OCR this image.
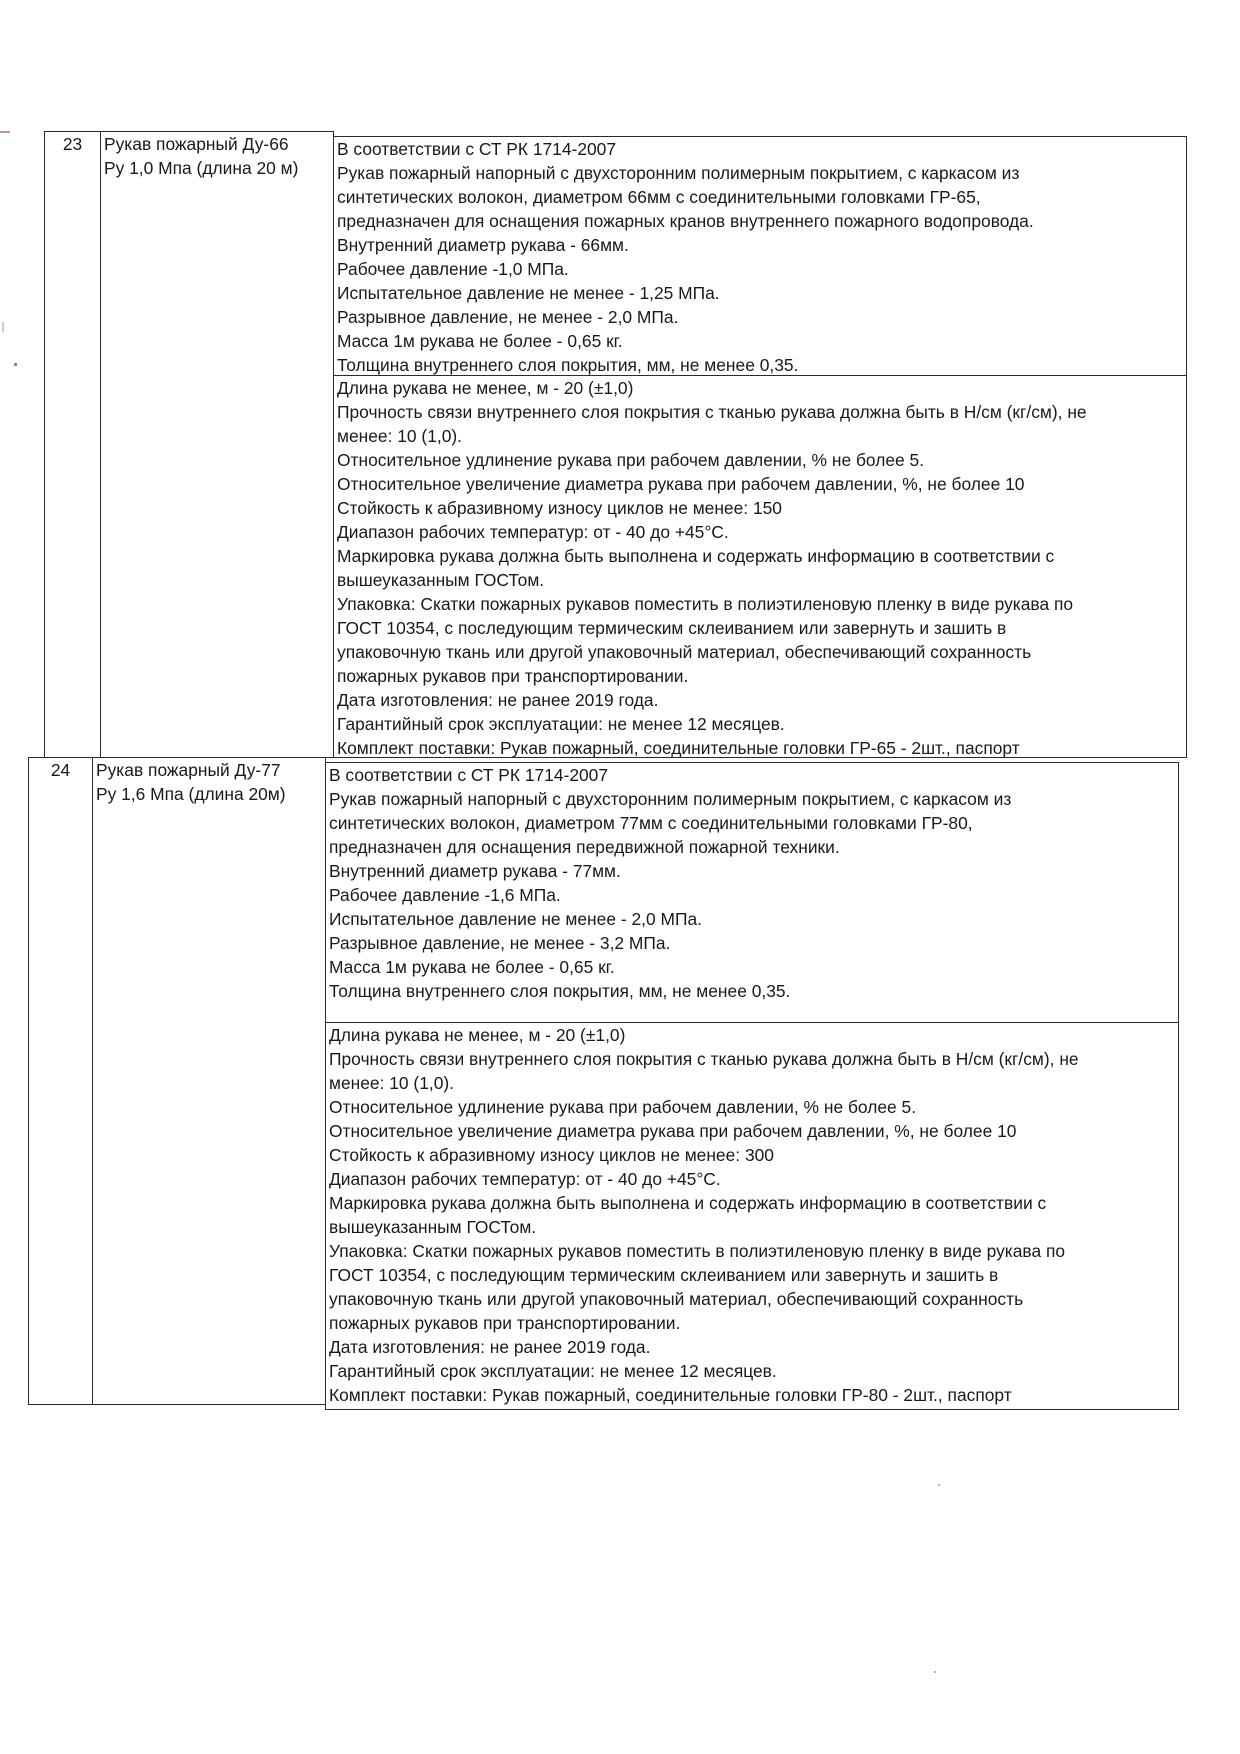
23	Рукав пожарный Ду-66
Ру 1,0 Мпа (длина 20 м)
В соответствии с СТ РК 1714-2007
Рукав пожарный напорный с двухсторонним полимерным покрытием, с каркасом из
синтетических волокон, диаметром 66мм с соединительными головками ГР-65,
предназначен для оснащения пожарных кранов внутреннего пожарного водопровода.
Внутренний диаметр рукава - 66мм.
Рабочее давление -1,0 МПа.
Испытательное давление не менее - 1,25 МПа.
Разрывное давление, не менее - 2,0 МПа.
Масса 1м рукава не более - 0,65 кг.
Толщина внутреннего слоя покрытия, мм, не менее 0,35.
Длина рукава не менее, м - 20 (±1,0)
Прочность связи внутреннего слоя покрытия с тканью рукава должна быть в Н/см (кг/см), не
менее: 10 (1,0).
Относительное удлинение рукава при рабочем давлении, % не более 5.
Относительное увеличение диаметра рукава при рабочем давлении, %, не более 10
Стойкость к абразивному износу циклов не менее: 150
Диапазон рабочих температур: от - 40 до +45°С.
Маркировка рукава должна быть выполнена и содержать информацию в соответствии с
вышеуказанным ГОСТом.
Упаковка: Скатки пожарных рукавов поместить в полиэтиленовую пленку в виде рукава по
ГОСТ 10354, с последующим термическим склеиванием или завернуть и зашить в
упаковочную ткань или другой упаковочный материал, обеспечивающий сохранность
пожарных рукавов при транспортировании.
Дата изготовления: не ранее 2019 года.
Гарантийный срок эксплуатации: не менее 12 месяцев.
Комплект поставки: Рукав пожарный, соединительные головки ГР-65 - 2шт., паспорт
24	Рукав пожарный Ду-77
Ру 1,6 Мпа (длина 20м)
В соответствии с СТ РК 1714-2007
Рукав пожарный напорный с двухсторонним полимерным покрытием, с каркасом из
синтетических волокон, диаметром 77мм с соединительными головками ГР-80,
предназначен для оснащения передвижной пожарной техники.
Внутренний диаметр рукава - 77мм.
Рабочее давление -1,6 МПа.
Испытательное давление не менее - 2,0 МПа.
Разрывное давление, не менее - 3,2 МПа.
Масса 1м рукава не более - 0,65 кг.
Толщина внутреннего слоя покрытия, мм, не менее 0,35.
Длина рукава не менее, м - 20 (±1,0)
Прочность связи внутреннего слоя покрытия с тканью рукава должна быть в Н/см (кг/см), не
менее: 10 (1,0).
Относительное удлинение рукава при рабочем давлении, % не более 5.
Относительное увеличение диаметра рукава при рабочем давлении, %, не более 10
Стойкость к абразивному износу циклов не менее: 300
Диапазон рабочих температур: от - 40 до +45°С.
Маркировка рукава должна быть выполнена и содержать информацию в соответствии с
вышеуказанным ГОСТом.
Упаковка: Скатки пожарных рукавов поместить в полиэтиленовую пленку в виде рукава по
ГОСТ 10354, с последующим термическим склеиванием или завернуть и зашить в
упаковочную ткань или другой упаковочный материал, обеспечивающий сохранность
пожарных рукавов при транспортировании.
Дата изготовления: не ранее 2019 года.
Гарантийный срок эксплуатации: не менее 12 месяцев.
Комплект поставки: Рукав пожарный, соединительные головки ГР-80 - 2шт., паспорт
